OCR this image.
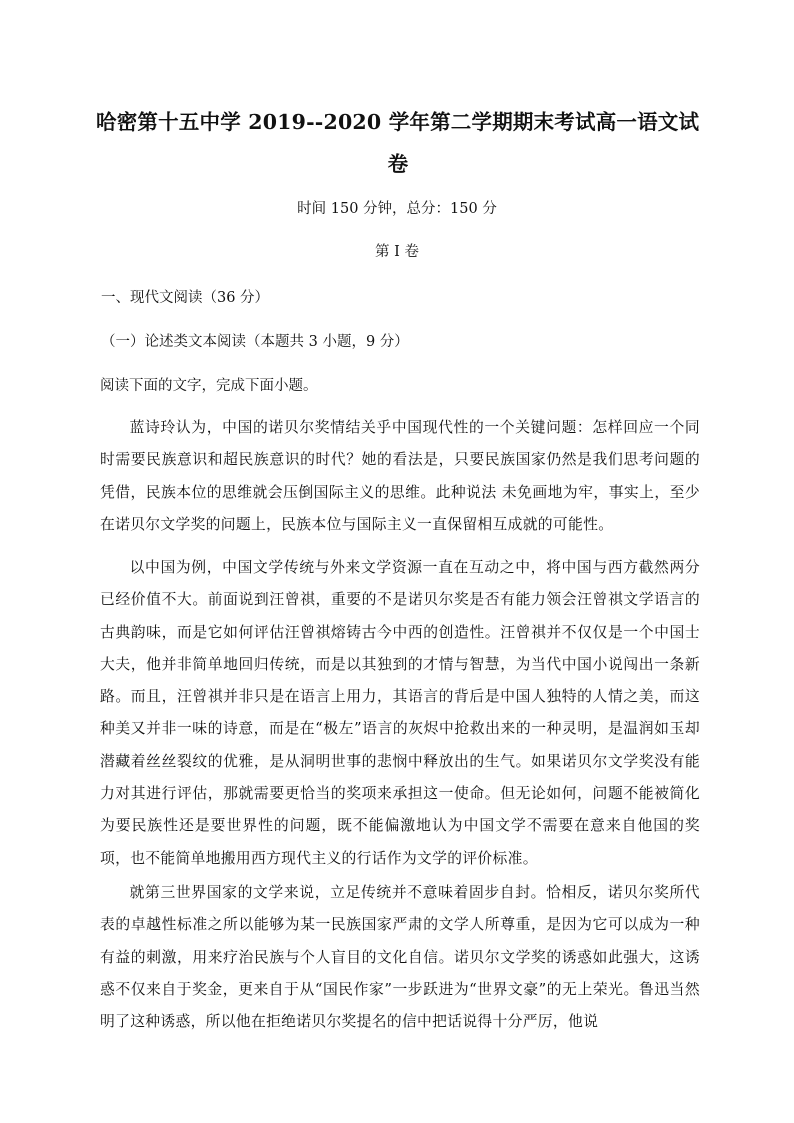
哈密第十五中学 2019--2020 学年第二学期期末考试高一语文试
卷
时间 150 分钟，总分：150 分
第 I 卷
一、现代文阅读（36 分）
（一）论述类文本阅读（本题共 3 小题，9 分）
阅读下面的文字，完成下面小题。

蓝诗玲认为，中国的诺贝尔奖情结关乎中国现代性的一个关键问题：怎样回应一个同时需要民族意识和超民族意识的时代？她的看法是，只要民族国家仍然是我们思考问题的凭借，民族本位的思维就会压倒国际主义的思维。此种说法 未免画地为牢，事实上，至少在诺贝尔文学奖的问题上，民族本位与国际主义一直保留相互成就的可能性。

以中国为例，中国文学传统与外来文学资源一直在互动之中，将中国与西方截然两分已经价值不大。前面说到汪曾祺，重要的不是诺贝尔奖是否有能力领会汪曾祺文学语言的古典韵味，而是它如何评估汪曾祺熔铸古今中西的创造性。汪曾祺并不仅仅是一个中国士大夫，他并非简单地回归传统，而是以其独到的才情与智慧，为当代中国小说闯出一条新路。而且，汪曾祺并非只是在语言上用力，其语言的背后是中国人独特的人情之美，而这种美又并非一味的诗意，而是在“极左”语言的灰烬中抢救出来的一种灵明，是温润如玉却潜藏着丝丝裂纹的优雅，是从洞明世事的悲悯中释放出的生气。如果诺贝尔文学奖没有能力对其进行评估，那就需要更恰当的奖项来承担这一使命。但无论如何，问题不能被简化为要民族性还是要世界性的问题，既不能偏激地认为中国文学不需要在意来自他国的奖项，也不能简单地搬用西方现代主义的行话作为文学的评价标准。

就第三世界国家的文学来说，立足传统并不意味着固步自封。恰相反，诺贝尔奖所代表的卓越性标准之所以能够为某一民族国家严肃的文学人所尊重，是因为它可以成为一种有益的刺激，用来疗治民族与个人盲目的文化自信。诺贝尔文学奖的诱惑如此强大，这诱惑不仅来自于奖金，更来自于从“国民作家”一步跃进为“世界文豪”的无上荣光。鲁迅当然明了这种诱惑，所以他在拒绝诺贝尔奖提名的信中把话说得十分严厉，他说
